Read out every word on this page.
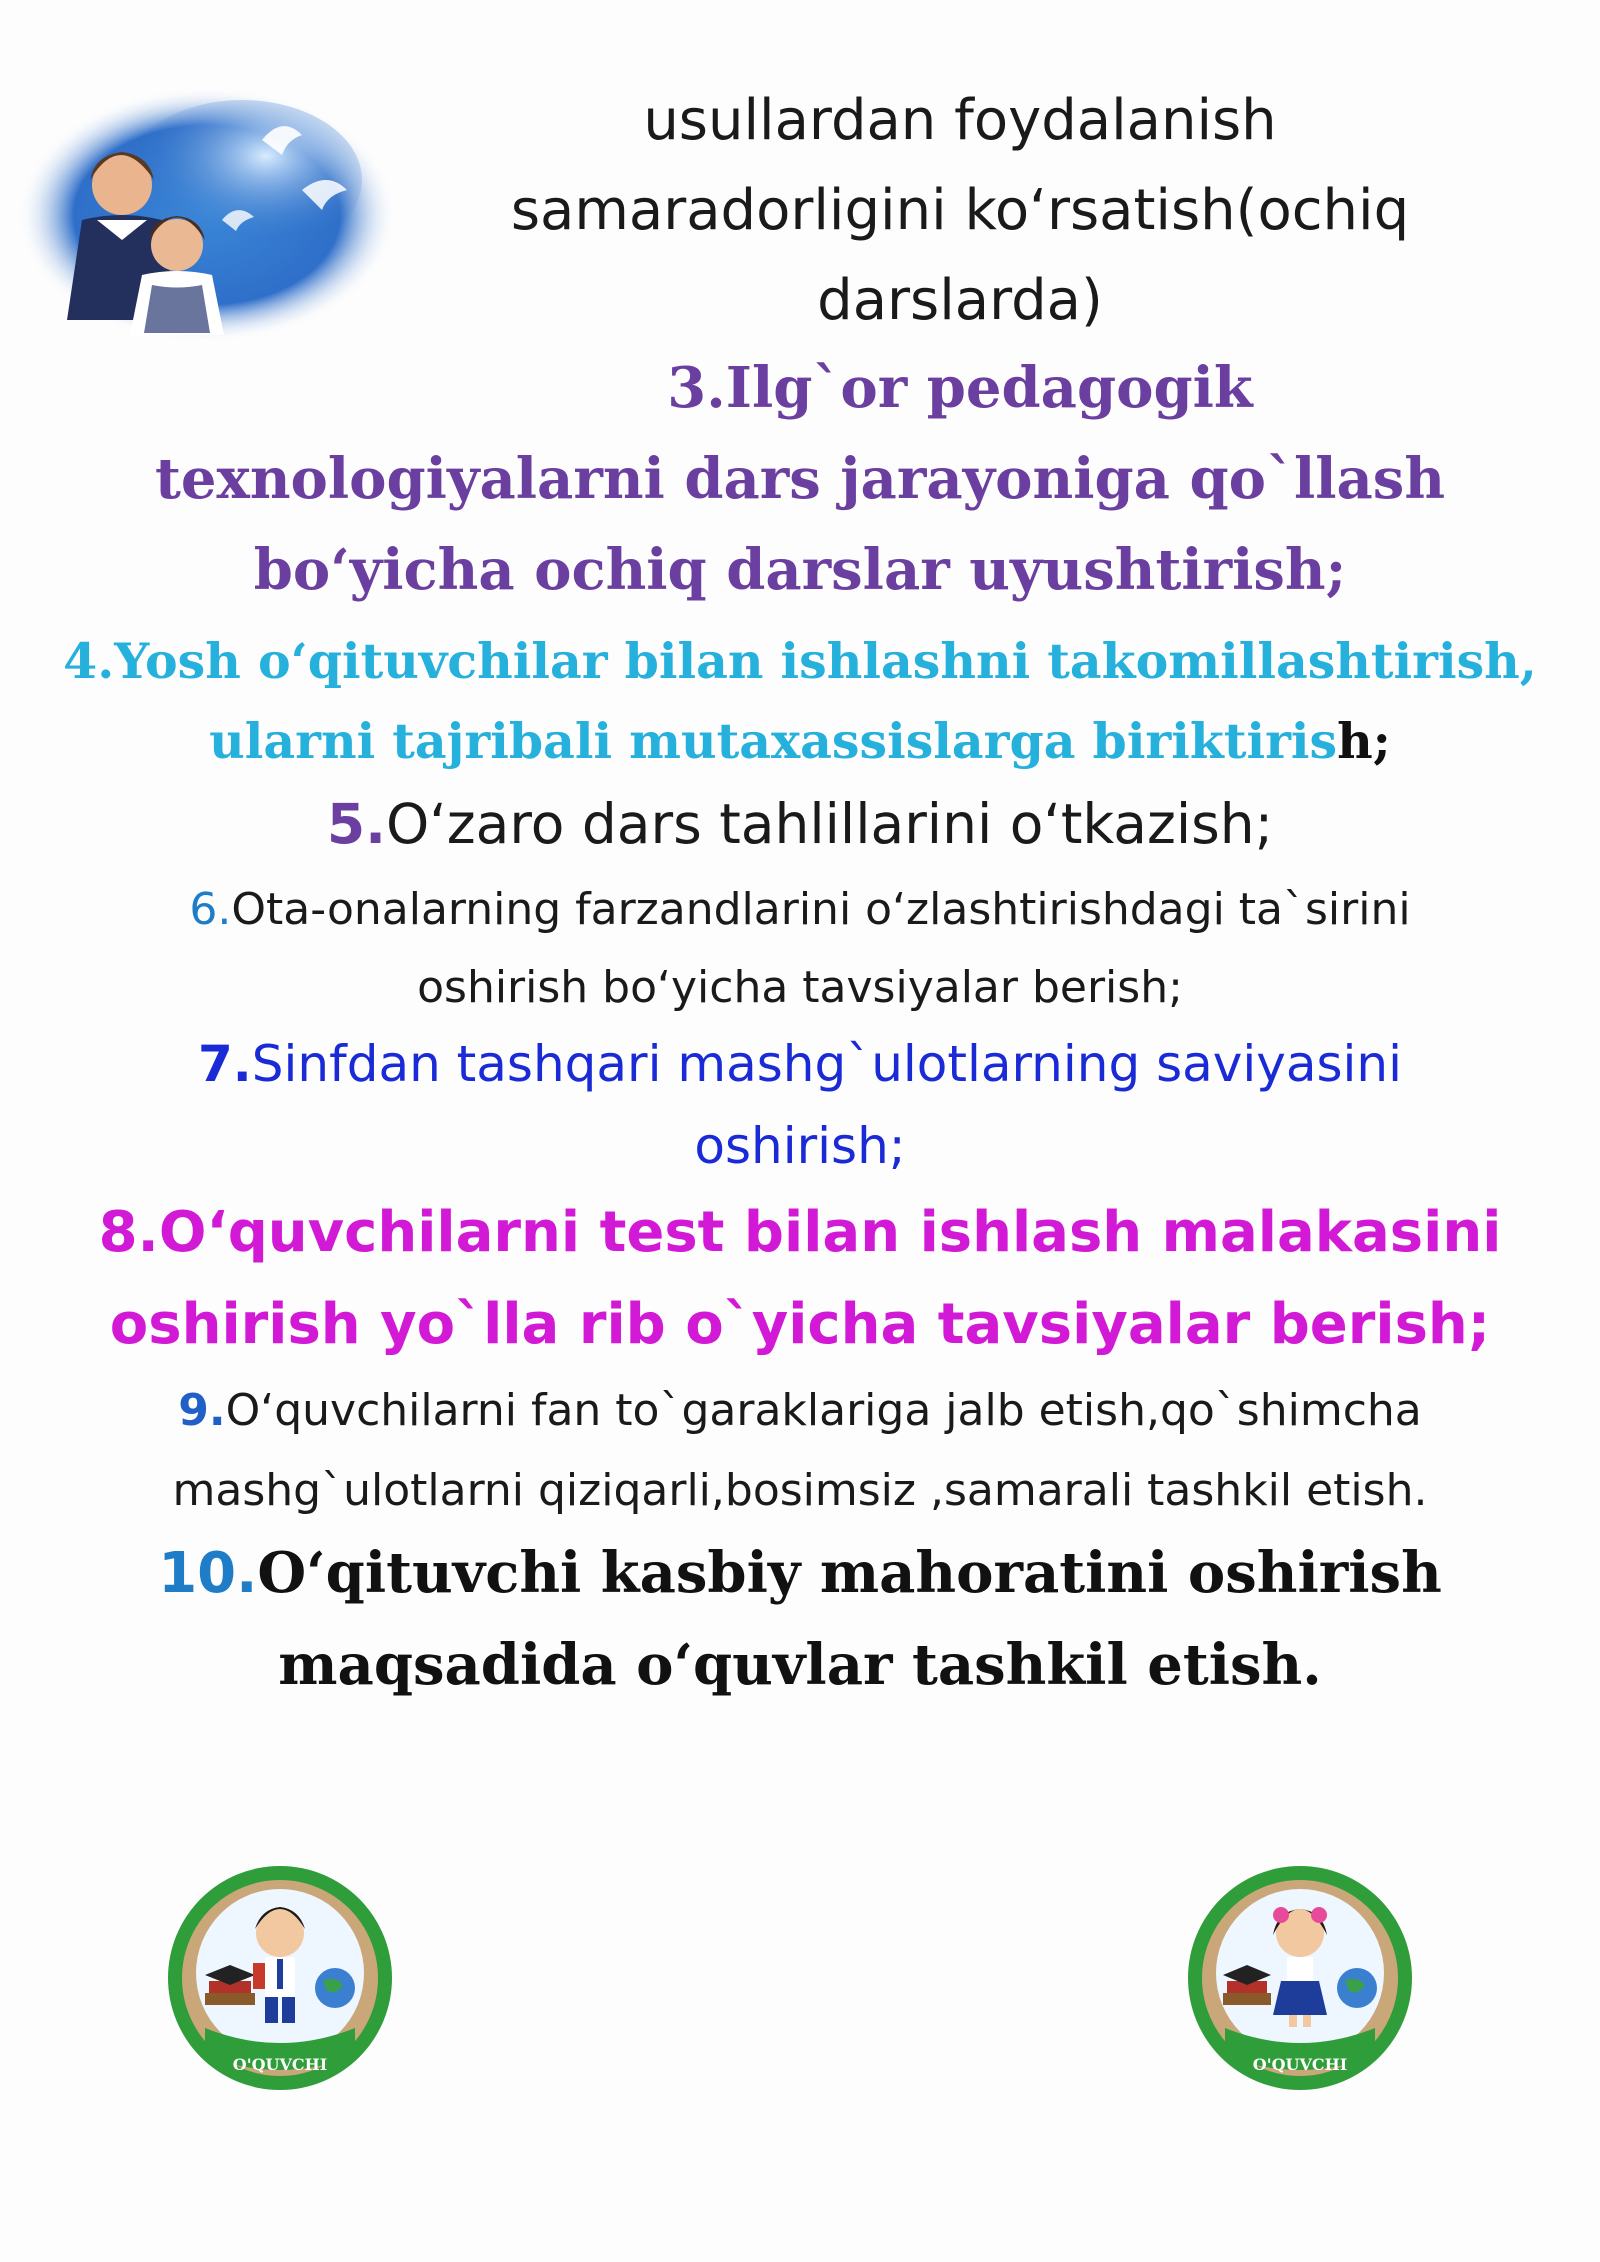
usullardan foydalanish
samaradorligini ko‘rsatish(ochiq
darslarda)
3.Ilg`or pedagogik
texnologiyalarni dars jarayoniga qo`llash
bo‘yicha ochiq darslar uyushtirish;
4.Yosh o‘qituvchilar bilan ishlashni takomillashtirish,
ularni tajribali mutaxassislarga biriktirish;
5.O‘zaro dars tahlillarini o‘tkazish;
6.Ota-onalarning farzandlarini o‘zlashtirishdagi ta`sirini
oshirish bo‘yicha tavsiyalar berish;
7.Sinfdan tashqari mashg`ulotlarning saviyasini
oshirish;
8.O‘quvchilarni test bilan ishlash malakasini
oshirish yo`lla rib o`yicha tavsiyalar berish;
9.O‘quvchilarni fan to`garaklariga jalb etish,qo`shimcha
mashg`ulotlarni qiziqarli,bosimsiz ,samarali tashkil etish.
10.O‘qituvchi kasbiy mahoratini oshirish
maqsadida o‘quvlar tashkil etish.
O'QUVCHI	O'QUVCHI
